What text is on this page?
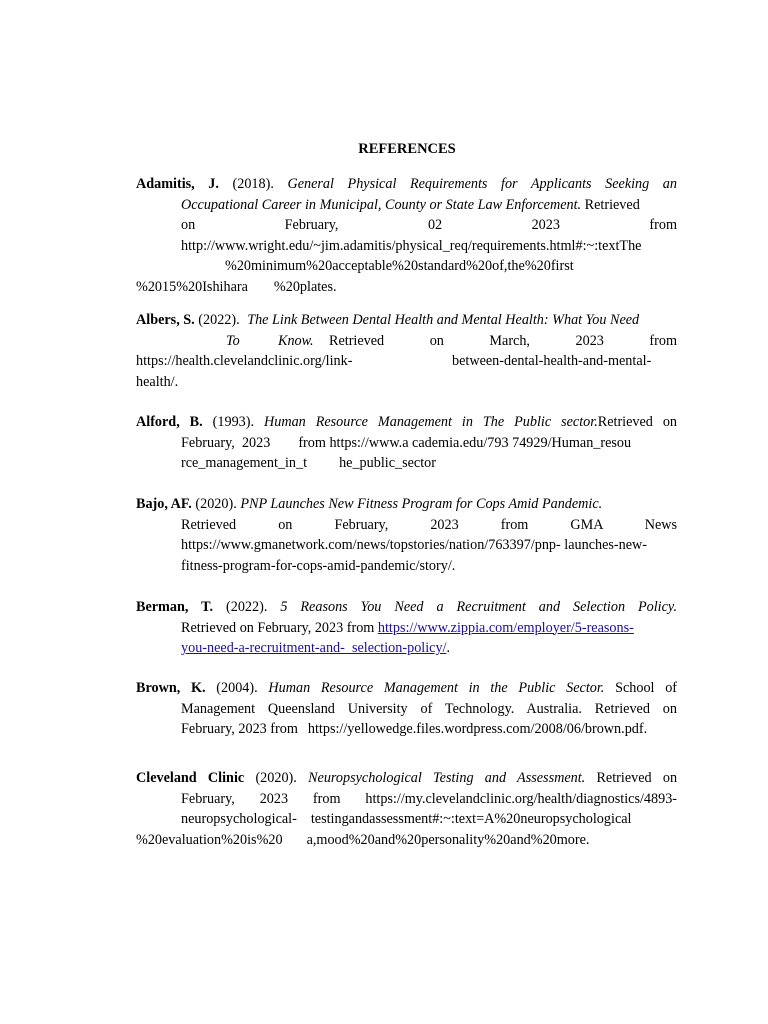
REFERENCES
Adamitis, J. (2018). General Physical Requirements for Applicants Seeking an
Occupational Career in Municipal, County or State Law Enforcement. Retrieved
on	February,	02	2023	from
http://www.wright.edu/~jim.adamitis/physical_req/requirements.html#:~:textThe
%20minimum%20acceptable%20standard%20of,the%20first
%2015%20Ishihara %20plates.
Albers, S. (2022). The Link Between Dental Health and Mental Health: What You Need
To	Know. Retrieved	on	March,	2023	from
https://health.clevelandclinic.org/link-	between-dental-health-and-mental-
health/.
Alford, B. (1993). Human Resource Management in The Public sector.Retrieved on
February, 2023 from https://www.a cademia.edu/793 74929/Human_resou
rce_management_in_t he_public_sector
Bajo, AF. (2020). PNP Launches New Fitness Program for Cops Amid Pandemic.
Retrieved	on	February,	2023	from	GMA	News
https://www.gmanetwork.com/news/topstories/nation/763397/pnp- launches-new-
fitness-program-for-cops-amid-pandemic/story/.
Berman, T. (2022). 5 Reasons You Need a Recruitment and Selection Policy.
Retrieved on February, 2023 from https://www.zippia.com/employer/5-reasons-
you-need-a-recruitment-and-  selection-policy/.
Brown, K. (2004). Human Resource Management in the Public Sector. School of
Management Queensland University of Technology. Australia. Retrieved on
February, 2023 from https://yellowedge.files.wordpress.com/2008/06/brown.pdf.
Cleveland Clinic (2020). Neuropsychological Testing and Assessment. Retrieved on
February, 2023 from https://my.clevelandclinic.org/health/diagnostics/4893-
neuropsychological- testingandassessment#:~:text=A%20neuropsychological
%20evaluation%20is%20 a,mood%20and%20personality%20and%20more.
